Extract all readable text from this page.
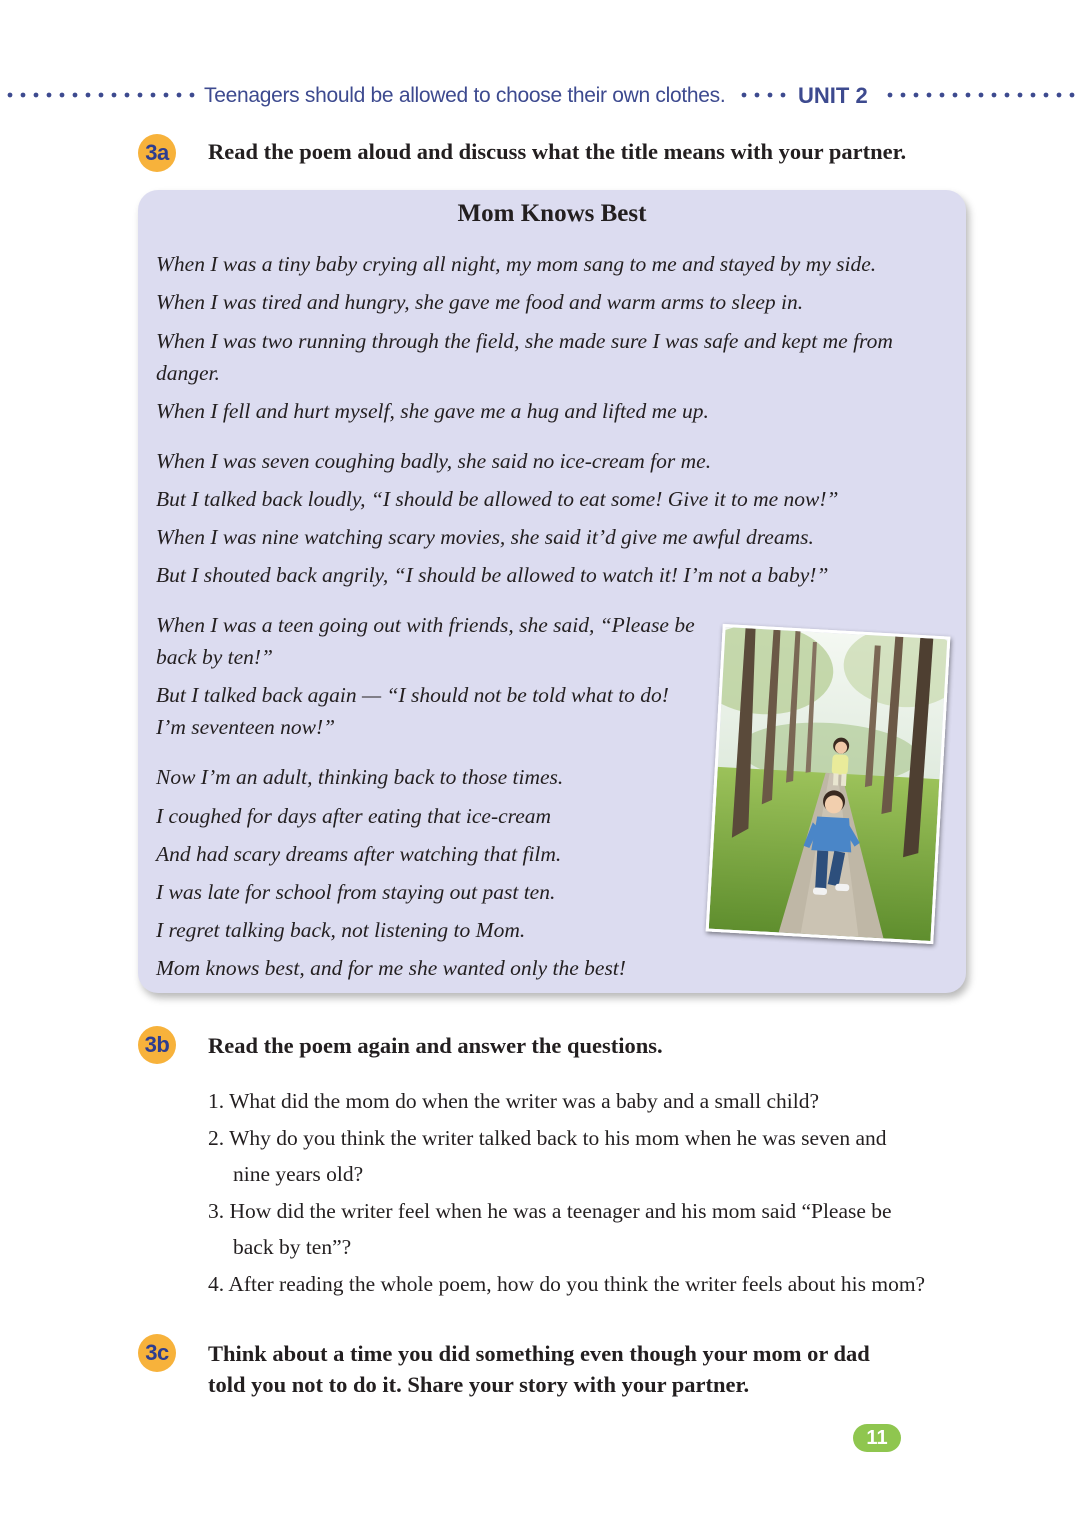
Teenagers should be allowed to choose their own clothes.	UNIT 2
3a	Read the poem aloud and discuss what the title means with your partner.
Mom Knows Best
When I was a tiny baby crying all night, my mom sang to me and stayed by my side.
When I was tired and hungry, she gave me food and warm arms to sleep in.
When I was two running through the field, she made sure I was safe and kept me from
danger.
When I fell and hurt myself, she gave me a hug and lifted me up.
When I was seven coughing badly, she said no ice-cream for me.
But I talked back loudly, “I should be allowed to eat some! Give it to me now!”
When I was nine watching scary movies, she said it’d give me awful dreams.
But I shouted back angrily, “I should be allowed to watch it! I’m not a baby!”
When I was a teen going out with friends, she said, “Please be
back by ten!”
But I talked back again — “I should not be told what to do!
I’m seventeen now!”
Now I’m an adult, thinking back to those times.
I coughed for days after eating that ice-cream
And had scary dreams after watching that film.
I was late for school from staying out past ten.
I regret talking back, not listening to Mom.
Mom knows best, and for me she wanted only the best!
3b Read the poem again and answer the questions.
1. What did the mom do when the writer was a baby and a small child?
2. Why do you think the writer talked back to his mom when he was seven and
nine years old?
3. How did the writer feel when he was a teenager and his mom said “Please be
back by ten”?
4. After reading the whole poem, how do you think the writer feels about his mom?
3c	Think about a time you did something even though your mom or dad
told you not to do it. Share your story with your partner.
11
